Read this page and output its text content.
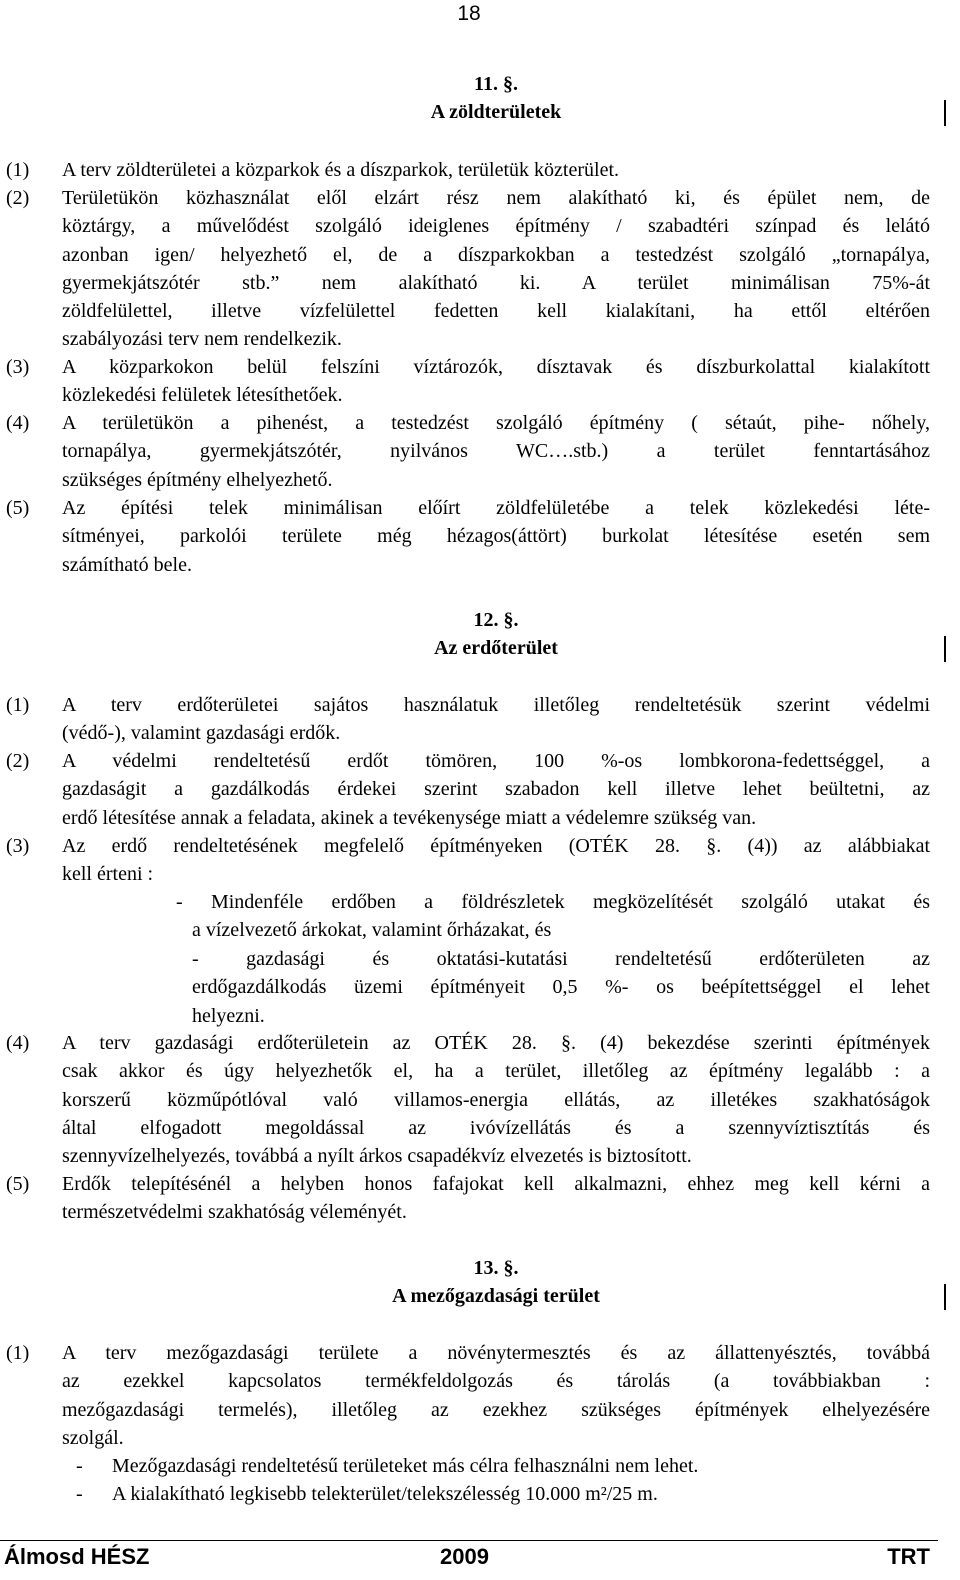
18
11. §.
A zöldterületek
(1) A terv zöldterületei a közparkok és a díszparkok, területük közterület.
(2) Területükön közhasználat elől elzárt rész nem alakítható ki, és épület nem, de
köztárgy, a művelődést szolgáló ideiglenes építmény / szabadtéri színpad és lelátó
azonban igen/ helyezhető el, de a díszparkokban a testedzést szolgáló „tornapálya,
gyermekjátszótér stb.” nem alakítható ki. A terület minimálisan 75%-át
zöldfelülettel, illetve vízfelülettel fedetten kell kialakítani, ha ettől eltérően
szabályozási terv nem rendelkezik.
(3) A közparkokon belül felszíni víztározók, dísztavak és díszburkolattal kialakított
közlekedési felületek létesíthetőek.
(4) A területükön a pihenést, a testedzést szolgáló építmény ( sétaút, pihe- nőhely,
tornapálya, gyermekjátszótér, nyilvános WC….stb.) a terület fenntartásához
szükséges építmény elhelyezhető.
(5) Az építési telek minimálisan előírt zöldfelületébe a telek közlekedési léte-
sítményei, parkolói területe még hézagos(áttört) burkolat létesítése esetén sem
számítható bele.
12. §.
Az erdőterület
(1) A terv erdőterületei sajátos használatuk illetőleg rendeltetésük szerint védelmi
(védő-), valamint gazdasági erdők.
(2) A védelmi rendeltetésű erdőt tömören, 100 %-os lombkorona-fedettséggel, a
gazdaságit a gazdálkodás érdekei szerint szabadon kell illetve lehet beültetni, az
erdő létesítése annak a feladata, akinek a tevékenysége miatt a védelemre szükség van.
(3) Az erdő rendeltetésének megfelelő építményeken (OTÉK 28. §. (4)) az alábbiakat
kell érteni :
- Mindenféle erdőben a földrészletek megközelítését szolgáló utakat és
a vízelvezető árkokat, valamint őrházakat, és
- gazdasági és oktatási-kutatási rendeltetésű erdőterületen az
erdőgazdálkodás üzemi építményeit 0,5 %- os beépítettséggel el lehet
helyezni.
(4) A terv gazdasági erdőterületein az OTÉK 28. §. (4) bekezdése szerinti építmények
csak akkor és úgy helyezhetők el, ha a terület, illetőleg az építmény legalább : a
korszerű közműpótlóval való villamos-energia ellátás, az illetékes szakhatóságok
által elfogadott megoldással az ivóvízellátás és a szennyvíztisztítás és
szennyvízelhelyezés, továbbá a nyílt árkos csapadékvíz elvezetés is biztosított.
(5) Erdők telepítésénél a helyben honos fafajokat kell alkalmazni, ehhez meg kell kérni a
természetvédelmi szakhatóság véleményét.
13. §.
A mezőgazdasági terület
(1) A terv mezőgazdasági területe a növénytermesztés és az állattenyésztés, továbbá
az ezekkel kapcsolatos termékfeldolgozás és tárolás (a továbbiakban :
mezőgazdasági termelés), illetőleg az ezekhez szükséges építmények elhelyezésére
szolgál.
- Mezőgazdasági rendeltetésű területeket más célra felhasználni nem lehet.
- A kialakítható legkisebb telekterület/telekszélesség 10.000 m²/25 m.
Álmosd HÉSZ	2009	TRT
